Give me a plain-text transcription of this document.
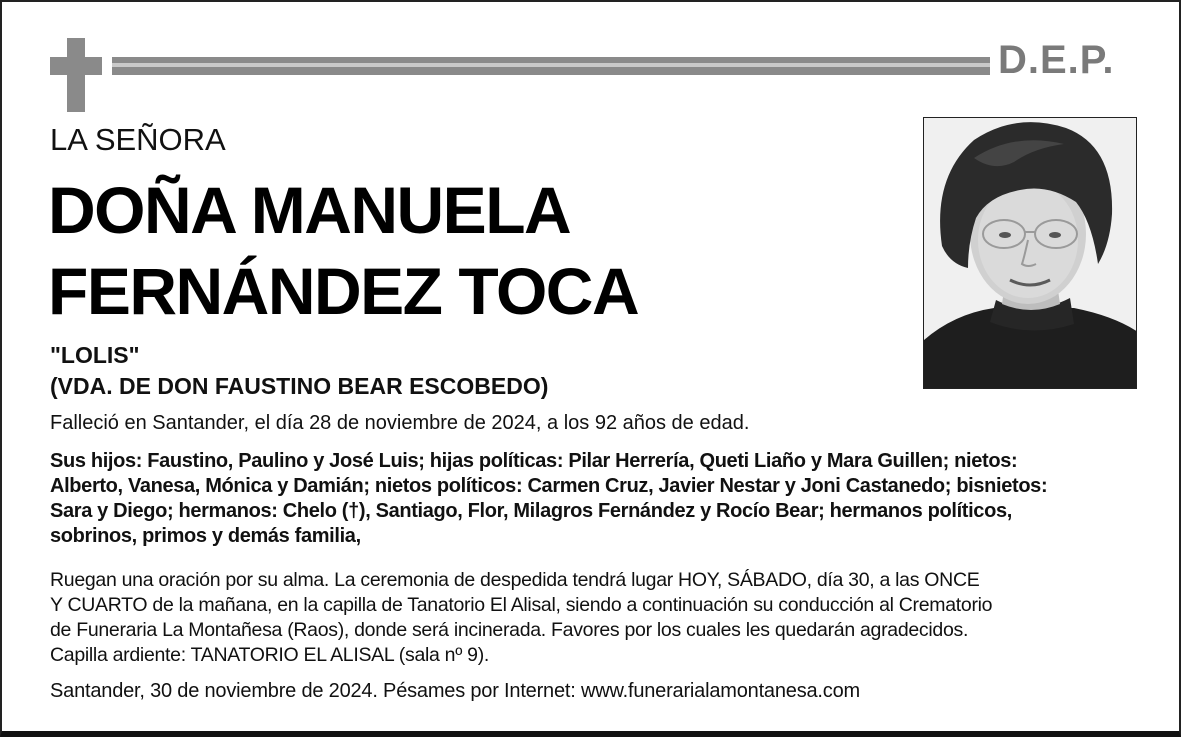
D.E.P.
LA SEÑORA
DOÑA MANUELA
FERNÁNDEZ TOCA
"LOLIS"
(VDA. DE DON FAUSTINO BEAR ESCOBEDO)
Falleció en Santander, el día 28 de noviembre de 2024, a los 92 años de edad.
Sus hijos: Faustino, Paulino y José Luis; hijas políticas: Pilar Herrería, Queti Liaño y Mara Guillen; nietos:
Alberto, Vanesa, Mónica y Damián; nietos políticos: Carmen Cruz, Javier Nestar y Joni Castanedo; bisnietos:
Sara y Diego; hermanos: Chelo (†), Santiago, Flor, Milagros Fernández y Rocío Bear; hermanos políticos,
sobrinos, primos y demás familia,
Ruegan una oración por su alma. La ceremonia de despedida tendrá lugar HOY, SÁBADO, día 30, a las ONCE
Y CUARTO de la mañana, en la capilla de Tanatorio El Alisal, siendo a continuación su conducción al Crematorio
de Funeraria La Montañesa (Raos), donde será incinerada. Favores por los cuales les quedarán agradecidos.
Capilla ardiente: TANATORIO EL ALISAL (sala nº 9).
Santander, 30 de noviembre de 2024. Pésames por Internet: www.funerarialamontanesa.com
